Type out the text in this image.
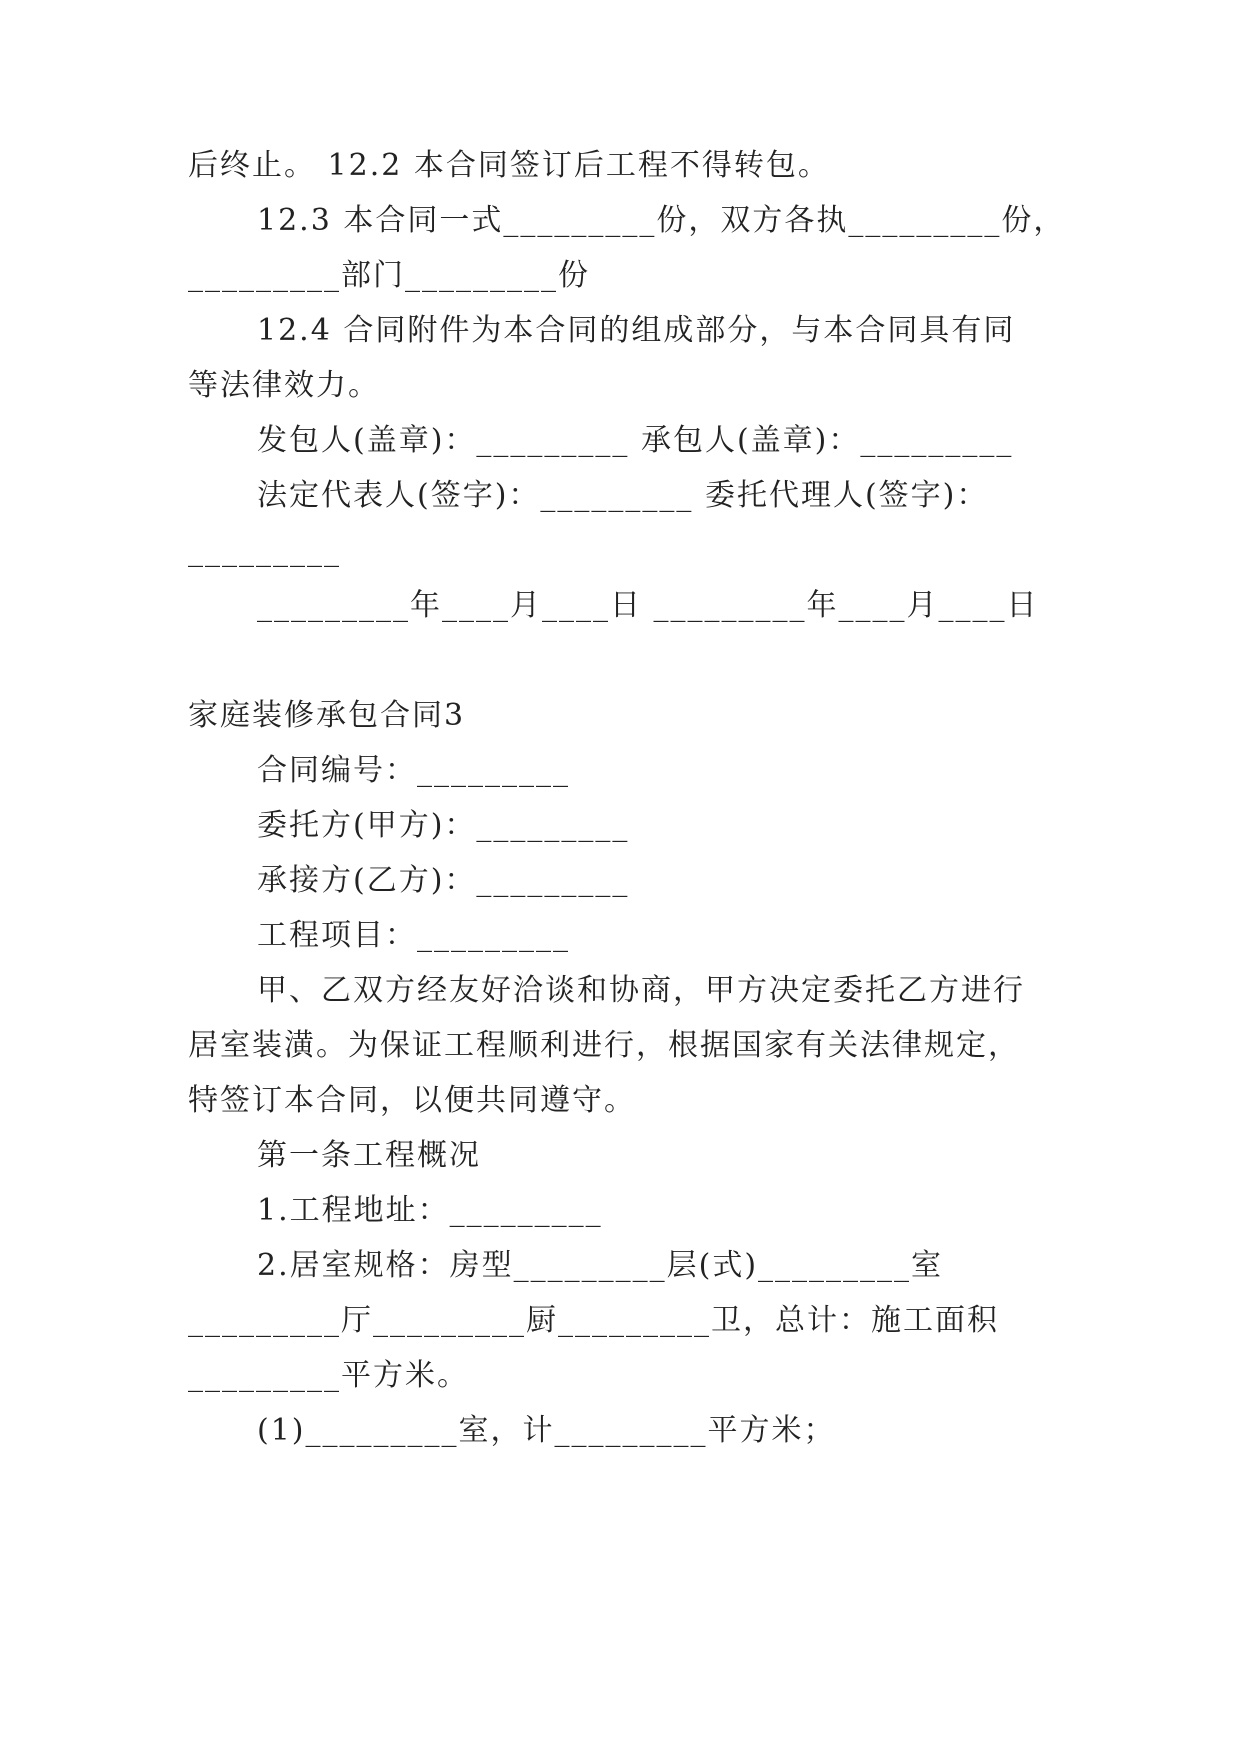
后终止。 12.2 本合同签订后工程不得转包。
12.3 本合同一式_________份，双方各执_________份，
_________部门_________份
12.4 合同附件为本合同的组成部分，与本合同具有同
等法律效力。
发包人(盖章)：_________ 承包人(盖章)：_________
法定代表人(签字)：_________ 委托代理人(签字)：
_________
_________年____月____日 _________年____月____日
家庭装修承包合同3
合同编号：_________
委托方(甲方)：_________
承接方(乙方)：_________
工程项目：_________
甲、乙双方经友好洽谈和协商，甲方决定委托乙方进行
居室装潢。为保证工程顺利进行，根据国家有关法律规定，
特签订本合同，以便共同遵守。
第一条工程概况
1.工程地址：_________
2.居室规格：房型_________层(式)_________室
_________厅_________厨_________卫，总计：施工面积
_________平方米。
(1)_________室，计_________平方米；
